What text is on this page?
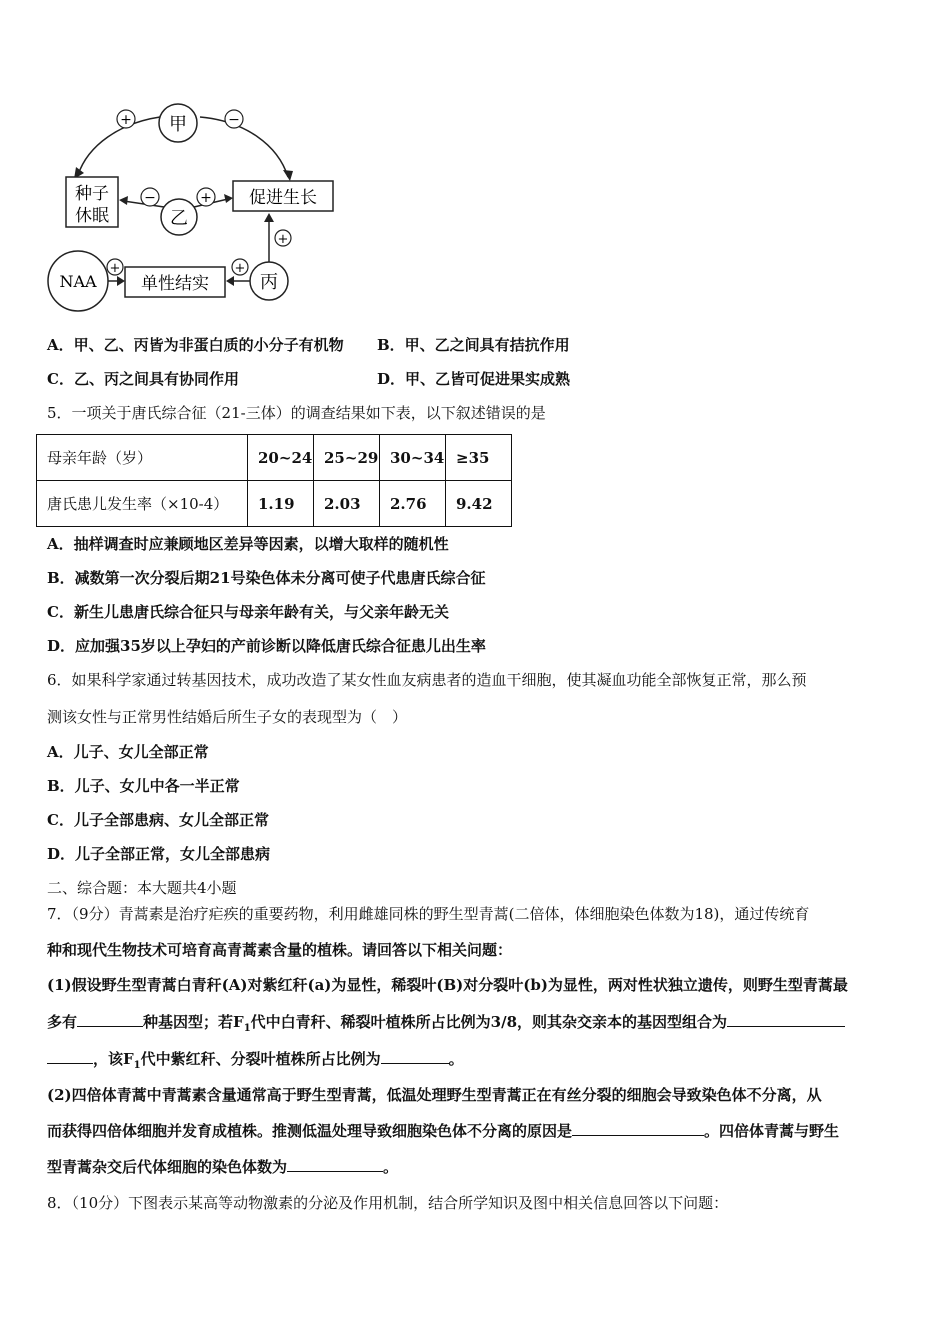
甲
+	−
种子
休眠
促进生长
乙
−	+
NAA
+
单性结实	丙
+
+
A．甲、乙、丙皆为非蛋白质的小分子有机物 B．甲、乙之间具有拮抗作用
C．乙、丙之间具有协同作用	D．甲、乙皆可促进果实成熟
5．一项关于唐氏综合征（21-三体）的调查结果如下表，以下叙述错误的是
母亲年龄（岁）	20~24	25~29	30~34	≥35
唐氏患儿发生率（×10-4）	1.19	2.03	2.76	9.42
A．抽样调查时应兼顾地区差异等因素，以增大取样的随机性
B．减数第一次分裂后期21号染色体未分离可使子代患唐氏综合征
C．新生儿患唐氏综合征只与母亲年龄有关，与父亲年龄无关
D．应加强35岁以上孕妇的产前诊断以降低唐氏综合征患儿出生率
6．如果科学家通过转基因技术，成功改造了某女性血友病患者的造血干细胞，使其凝血功能全部恢复正常，那么预
测该女性与正常男性结婚后所生子女的表现型为（　）
A．儿子、女儿全部正常
B．儿子、女儿中各一半正常
C．儿子全部患病、女儿全部正常
D．儿子全部正常，女儿全部患病
二、综合题：本大题共4小题
7．（9分）青蒿素是治疗疟疾的重要药物，利用雌雄同株的野生型青蒿(二倍体，体细胞染色体数为18)，通过传统育
种和现代生物技术可培育高青蒿素含量的植株。请回答以下相关问题：
(1)假设野生型青蒿白青秆(A)对紫红秆(a)为显性，稀裂叶(B)对分裂叶(b)为显性，两对性状独立遗传，则野生型青蒿最
多有	种基因型；若$F_1$代中白青秆、稀裂叶植株所占比例为3/8，则其杂交亲本的基因型组合为
，该$F_1$代中紫红秆、分裂叶植株所占比例为	。
(2)四倍体青蒿中青蒿素含量通常高于野生型青蒿，低温处理野生型青蒿正在有丝分裂的细胞会导致染色体不分离，从
而获得四倍体细胞并发育成植株。推测低温处理导致细胞染色体不分离的原因是	。四倍体青蒿与野生
型青蒿杂交后代体细胞的染色体数为	。
8．（10分）下图表示某高等动物激素的分泌及作用机制，结合所学知识及图中相关信息回答以下问题：
